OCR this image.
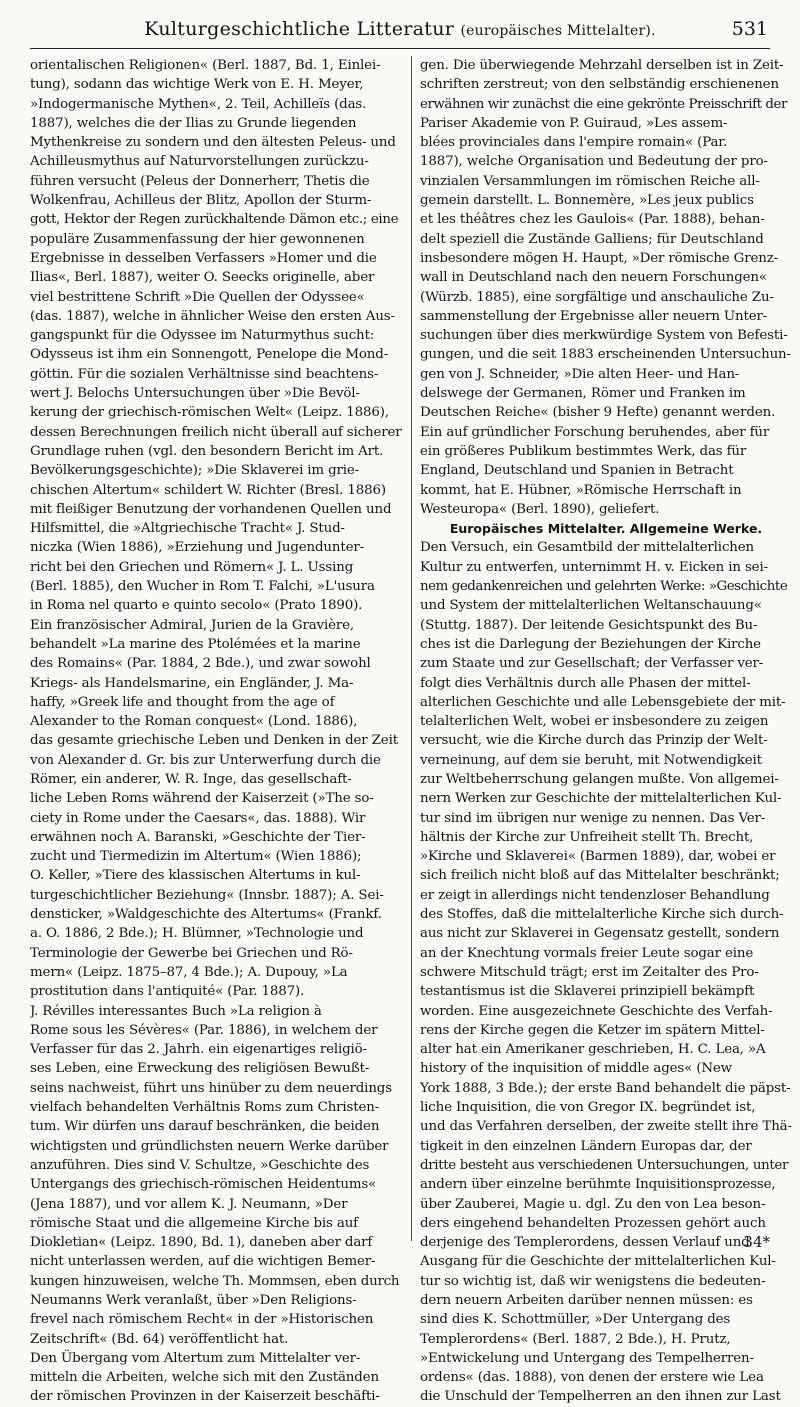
Kulturgeschichtliche Litteratur (europäisches Mittelalter).	531
orientalischen Religionen« (Berl. 1887, Bd. 1, Einlei-
tung), sodann das wichtige Werk von E. H. Meyer,
»Indogermanische Mythen«, 2. Teil, Achilleïs (das.
1887), welches die der Ilias zu Grunde liegenden
Mythenkreise zu sondern und den ältesten Peleus- und
Achilleusmythus auf Naturvorstellungen zurückzu-
führen versucht (Peleus der Donnerherr, Thetis die
Wolkenfrau, Achilleus der Blitz, Apollon der Sturm-
gott, Hektor der Regen zurückhaltende Dämon etc.; eine
populäre Zusammenfassung der hier gewonnenen
Ergebnisse in desselben Verfassers »Homer und die
Ilias«, Berl. 1887), weiter O. Seecks originelle, aber
viel bestrittene Schrift »Die Quellen der Odyssee«
(das. 1887), welche in ähnlicher Weise den ersten Aus-
gangspunkt für die Odyssee im Naturmythus sucht:
Odysseus ist ihm ein Sonnengott, Penelope die Mond-
göttin. Für die sozialen Verhältnisse sind beachtens-
wert J. Belochs Untersuchungen über »Die Bevöl-
kerung der griechisch-römischen Welt« (Leipz. 1886),
dessen Berechnungen freilich nicht überall auf sicherer
Grundlage ruhen (vgl. den besondern Bericht im Art.
Bevölkerungsgeschichte); »Die Sklaverei im grie-
chischen Altertum« schildert W. Richter (Bresl. 1886)
mit fleißiger Benutzung der vorhandenen Quellen und
Hilfsmittel, die »Altgriechische Tracht« J. Stud-
niczka (Wien 1886), »Erziehung und Jugendunter-
richt bei den Griechen und Römern« J. L. Ussing
(Berl. 1885), den Wucher in Rom T. Falchi, »L'usura
in Roma nel quarto e quinto secolo« (Prato 1890).
Ein französischer Admiral, Jurien de la Gravière,
behandelt »La marine des Ptolémées et la marine
des Romains« (Par. 1884, 2 Bde.), und zwar sowohl
Kriegs- als Handelsmarine, ein Engländer, J. Ma-
haffy, »Greek life and thought from the age of
Alexander to the Roman conquest« (Lond. 1886),
das gesamte griechische Leben und Denken in der Zeit
von Alexander d. Gr. bis zur Unterwerfung durch die
Römer, ein anderer, W. R. Inge, das gesellschaft-
liche Leben Roms während der Kaiserzeit (»The so-
ciety in Rome under the Caesars«, das. 1888). Wir
erwähnen noch A. Baranski, »Geschichte der Tier-
zucht und Tiermedizin im Altertum« (Wien 1886);
O. Keller, »Tiere des klassischen Altertums in kul-
turgeschichtlicher Beziehung« (Innsbr. 1887); A. Sei-
densticker, »Waldgeschichte des Altertums« (Frankf.
a. O. 1886, 2 Bde.); H. Blümner, »Technologie und
Terminologie der Gewerbe bei Griechen und Rö-
mern« (Leipz. 1875–87, 4 Bde.); A. Dupouy, »La
prostitution dans l'antiquité« (Par. 1887).
J. Révilles interessantes Buch »La religion à
Rome sous les Sévères« (Par. 1886), in welchem der
Verfasser für das 2. Jahrh. ein eigenartiges religiö-
ses Leben, eine Erweckung des religiösen Bewußt-
seins nachweist, führt uns hinüber zu dem neuerdings
vielfach behandelten Verhältnis Roms zum Christen-
tum. Wir dürfen uns darauf beschränken, die beiden
wichtigsten und gründlichsten neuern Werke darüber
anzuführen. Dies sind V. Schultze, »Geschichte des
Untergangs des griechisch-römischen Heidentums«
(Jena 1887), und vor allem K. J. Neumann, »Der
römische Staat und die allgemeine Kirche bis auf
Diokletian« (Leipz. 1890, Bd. 1), daneben aber darf
nicht unterlassen werden, auf die wichtigen Bemer-
kungen hinzuweisen, welche Th. Mommsen, eben durch
Neumanns Werk veranlaßt, über »Den Religions-
frevel nach römischem Recht« in der »Historischen
Zeitschrift« (Bd. 64) veröffentlicht hat.
Den Übergang vom Altertum zum Mittelalter ver-
mitteln die Arbeiten, welche sich mit den Zuständen
der römischen Provinzen in der Kaiserzeit beschäfti-
gen. Die überwiegende Mehrzahl derselben ist in Zeit-
schriften zerstreut; von den selbständig erschienenen
erwähnen wir zunächst die eine gekrönte Preisschrift der
Pariser Akademie von P. Guiraud, »Les assem-
blées provinciales dans l'empire romain« (Par.
1887), welche Organisation und Bedeutung der pro-
vinzialen Versammlungen im römischen Reiche all-
gemein darstellt. L. Bonnemère, »Les jeux publics
et les théâtres chez les Gaulois« (Par. 1888), behan-
delt speziell die Zustände Galliens; für Deutschland
insbesondere mögen H. Haupt, »Der römische Grenz-
wall in Deutschland nach den neuern Forschungen«
(Würzb. 1885), eine sorgfältige und anschauliche Zu-
sammenstellung der Ergebnisse aller neuern Unter-
suchungen über dies merkwürdige System von Befesti-
gungen, und die seit 1883 erscheinenden Untersuchun-
gen von J. Schneider, »Die alten Heer- und Han-
delswege der Germanen, Römer und Franken im
Deutschen Reiche« (bisher 9 Hefte) genannt werden.
Ein auf gründlicher Forschung beruhendes, aber für
ein größeres Publikum bestimmtes Werk, das für
England, Deutschland und Spanien in Betracht
kommt, hat E. Hübner, »Römische Herrschaft in
Westeuropa« (Berl. 1890), geliefert.
Europäisches Mittelalter. Allgemeine Werke.
Den Versuch, ein Gesamtbild der mittelalterlichen
Kultur zu entwerfen, unternimmt H. v. Eicken in sei-
nem gedankenreichen und gelehrten Werke: »Geschichte
und System der mittelalterlichen Weltanschauung«
(Stuttg. 1887). Der leitende Gesichtspunkt des Bu-
ches ist die Darlegung der Beziehungen der Kirche
zum Staate und zur Gesellschaft; der Verfasser ver-
folgt dies Verhältnis durch alle Phasen der mittel-
alterlichen Geschichte und alle Lebensgebiete der mit-
telalterlichen Welt, wobei er insbesondere zu zeigen
versucht, wie die Kirche durch das Prinzip der Welt-
verneinung, auf dem sie beruht, mit Notwendigkeit
zur Weltbeherrschung gelangen mußte. Von allgemei-
nern Werken zur Geschichte der mittelalterlichen Kul-
tur sind im übrigen nur wenige zu nennen. Das Ver-
hältnis der Kirche zur Unfreiheit stellt Th. Brecht,
»Kirche und Sklaverei« (Barmen 1889), dar, wobei er
sich freilich nicht bloß auf das Mittelalter beschränkt;
er zeigt in allerdings nicht tendenzloser Behandlung
des Stoffes, daß die mittelalterliche Kirche sich durch-
aus nicht zur Sklaverei in Gegensatz gestellt, sondern
an der Knechtung vormals freier Leute sogar eine
schwere Mitschuld trägt; erst im Zeitalter des Pro-
testantismus ist die Sklaverei prinzipiell bekämpft
worden. Eine ausgezeichnete Geschichte des Verfah-
rens der Kirche gegen die Ketzer im spätern Mittel-
alter hat ein Amerikaner geschrieben, H. C. Lea, »A
history of the inquisition of middle ages« (New
York 1888, 3 Bde.); der erste Band behandelt die päpst-
liche Inquisition, die von Gregor IX. begründet ist,
und das Verfahren derselben, der zweite stellt ihre Thä-
tigkeit in den einzelnen Ländern Europas dar, der
dritte besteht aus verschiedenen Untersuchungen, unter
andern über einzelne berühmte Inquisitionsprozesse,
über Zauberei, Magie u. dgl. Zu den von Lea beson-
ders eingehend behandelten Prozessen gehört auch
derjenige des Templerordens, dessen Verlauf und
Ausgang für die Geschichte der mittelalterlichen Kul-
tur so wichtig ist, daß wir wenigstens die bedeuten-
dern neuern Arbeiten darüber nennen müssen: es
sind dies K. Schottmüller, »Der Untergang des
Templerordens« (Berl. 1887, 2 Bde.), H. Prutz,
»Entwickelung und Untergang des Tempelherren-
ordens« (das. 1888), von denen der erstere wie Lea
die Unschuld der Tempelherren an den ihnen zur Last
34*
